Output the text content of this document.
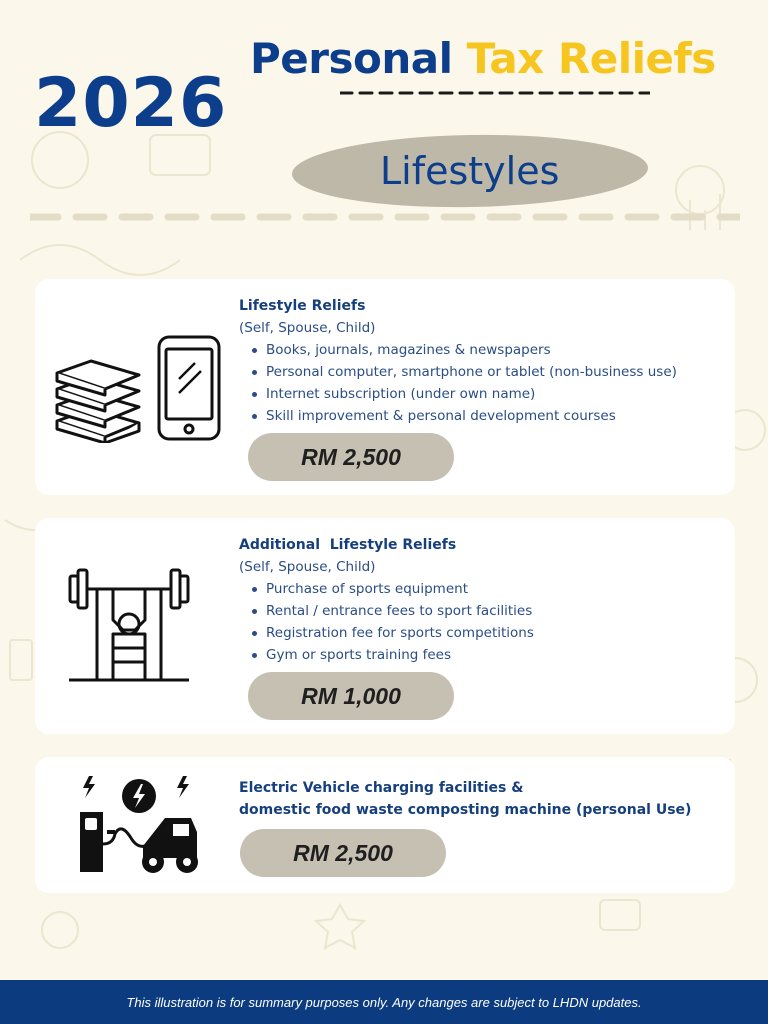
2026
Personal Tax Reliefs
Lifestyles
Lifestyle Reliefs
(Self, Spouse, Child)
Books, journals, magazines & newspapers
Personal computer, smartphone or tablet (non-business use)
Internet subscription (under own name)
Skill improvement & personal development courses
RM 2,500
Additional  Lifestyle Reliefs
(Self, Spouse, Child)
Purchase of sports equipment
Rental / entrance fees to sport facilities
Registration fee for sports competitions
Gym or sports training fees
RM 1,000
Electric Vehicle charging facilities &
domestic food waste composting machine (personal Use)
RM 2,500
This illustration is for summary purposes only. Any changes are subject to LHDN updates.
